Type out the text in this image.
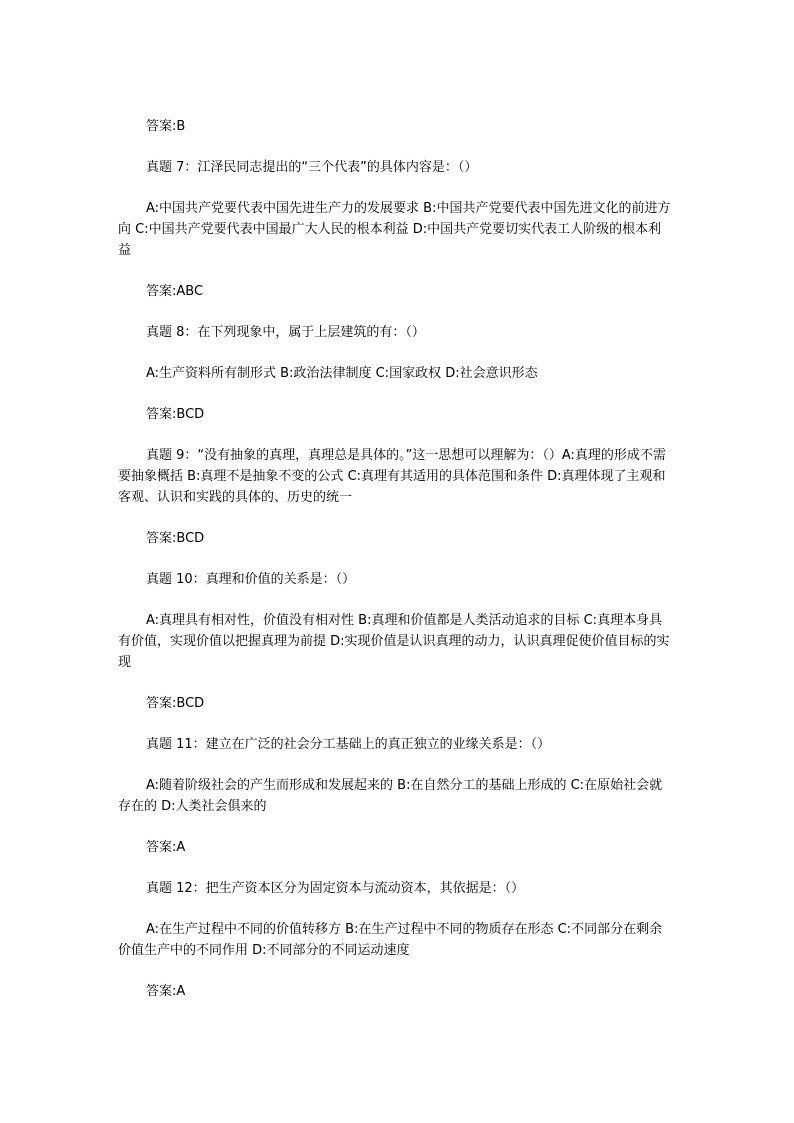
答案:B

真题 7：江泽民同志提出的“三个代表”的具体内容是：（）

A:中国共产党要代表中国先进生产力的发展要求 B:中国共产党要代表中国先进文化的前进方向 C:中国共产党要代表中国最广大人民的根本利益 D:中国共产党要切实代表工人阶级的根本利益

答案:ABC

真题 8：在下列现象中，属于上层建筑的有：（）

A:生产资料所有制形式 B:政治法律制度 C:国家政权 D:社会意识形态

答案:BCD

真题 9：“没有抽象的真理，真理总是具体的。”这一思想可以理解为：（）A:真理的形成不需要抽象概括 B:真理不是抽象不变的公式 C:真理有其适用的具体范围和条件 D:真理体现了主观和客观、认识和实践的具体的、历史的统一

答案:BCD

真题 10：真理和价值的关系是：（）

A:真理具有相对性，价值没有相对性 B:真理和价值都是人类活动追求的目标 C:真理本身具有价值，实现价值以把握真理为前提 D:实现价值是认识真理的动力，认识真理促使价值目标的实现

答案:BCD

真题 11：建立在广泛的社会分工基础上的真正独立的业缘关系是：（）

A:随着阶级社会的产生而形成和发展起来的 B:在自然分工的基础上形成的 C:在原始社会就存在的 D:人类社会俱来的

答案:A

真题 12：把生产资本区分为固定资本与流动资本，其依据是：（）

A:在生产过程中不同的价值转移方 B:在生产过程中不同的物质存在形态 C:不同部分在剩余价值生产中的不同作用 D:不同部分的不同运动速度

答案:A
